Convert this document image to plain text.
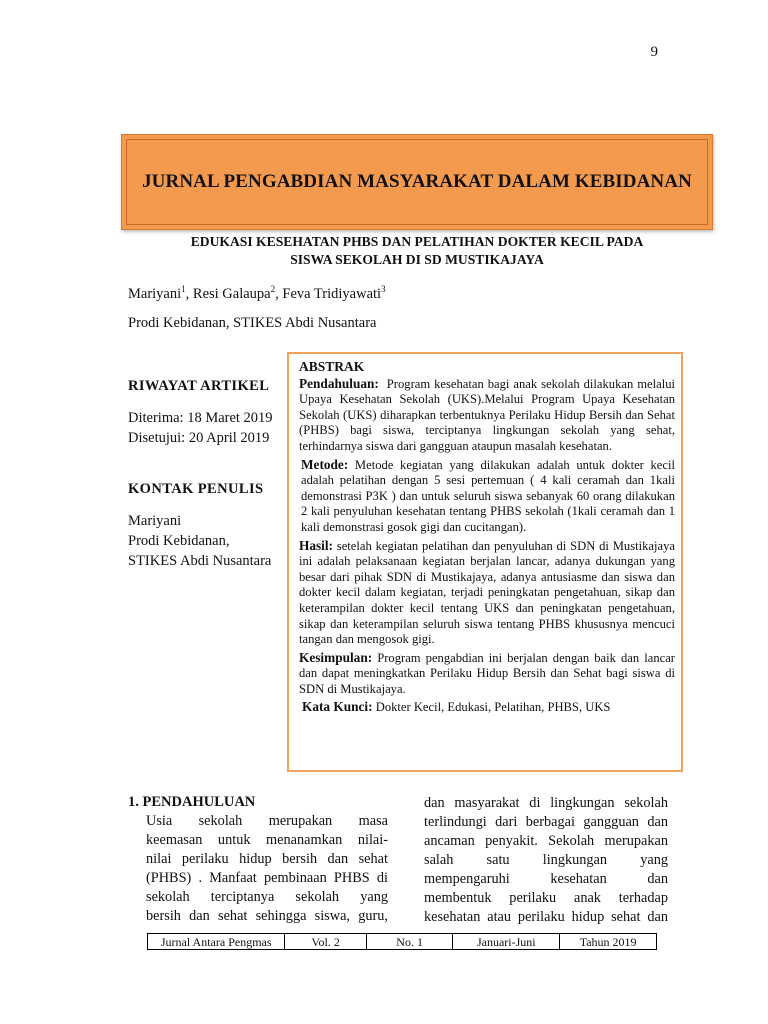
9
JURNAL PENGABDIAN MASYARAKAT DALAM KEBIDANAN
EDUKASI KESEHATAN PHBS DAN PELATIHAN DOKTER KECIL PADA
SISWA SEKOLAH DI SD MUSTIKAJAYA
Mariyani$^1$, Resi Galaupa$^2$, Feva Tridiyawati$^3$
Prodi Kebidanan, STIKES Abdi Nusantara
RIWAYAT ARTIKEL
Diterima: 18 Maret 2019
Disetujui: 20 April 2019
KONTAK PENULIS
Mariyani
Prodi Kebidanan,
STIKES Abdi Nusantara
ABSTRAK
Pendahuluan: Program kesehatan bagi anak sekolah dilakukan melalui Upaya Kesehatan Sekolah (UKS).Melalui Program Upaya Kesehatan Sekolah (UKS) diharapkan terbentuknya Perilaku Hidup Bersih dan Sehat (PHBS) bagi siswa, terciptanya lingkungan sekolah yang sehat, terhindarnya siswa dari gangguan ataupun masalah kesehatan.
Metode: Metode kegiatan yang dilakukan adalah untuk dokter kecil adalah pelatihan dengan 5 sesi pertemuan ( 4 kali ceramah dan 1kali demonstrasi P3K ) dan untuk seluruh siswa sebanyak 60 orang dilakukan 2 kali penyuluhan kesehatan tentang PHBS sekolah (1kali ceramah dan 1 kali demonstrasi gosok gigi dan cucitangan).
Hasil: setelah kegiatan pelatihan dan penyuluhan di SDN di Mustikajaya ini adalah pelaksanaan kegiatan berjalan lancar, adanya dukungan yang besar dari pihak SDN di Mustikajaya, adanya antusiasme dan siswa dan dokter kecil dalam kegiatan, terjadi peningkatan pengetahuan, sikap dan keterampilan dokter kecil tentang UKS dan peningkatan pengetahuan, sikap dan keterampilan seluruh siswa tentang PHBS khususnya mencuci tangan dan mengosok gigi.
Kesimpulan: Program pengabdian ini berjalan dengan baik dan lancar dan dapat meningkatkan Perilaku Hidup Bersih dan Sehat bagi siswa di SDN di Mustikajaya.
Kata Kunci: Dokter Kecil, Edukasi, Pelatihan, PHBS, UKS
1. PENDAHULUAN
Usia sekolah merupakan masa
keemasan untuk menanamkan nilai-
nilai perilaku hidup bersih dan sehat
(PHBS) . Manfaat pembinaan PHBS di
sekolah terciptanya sekolah yang
bersih dan sehat sehingga siswa, guru,
dan masyarakat di lingkungan sekolah
terlindungi dari berbagai gangguan dan
ancaman penyakit. Sekolah merupakan
salah satu lingkungan yang
mempengaruhi kesehatan dan
membentuk perilaku anak terhadap
kesehatan atau perilaku hidup sehat dan
Jurnal Antara Pengmas	Vol. 2	No. 1	Januari-Juni	Tahun 2019
